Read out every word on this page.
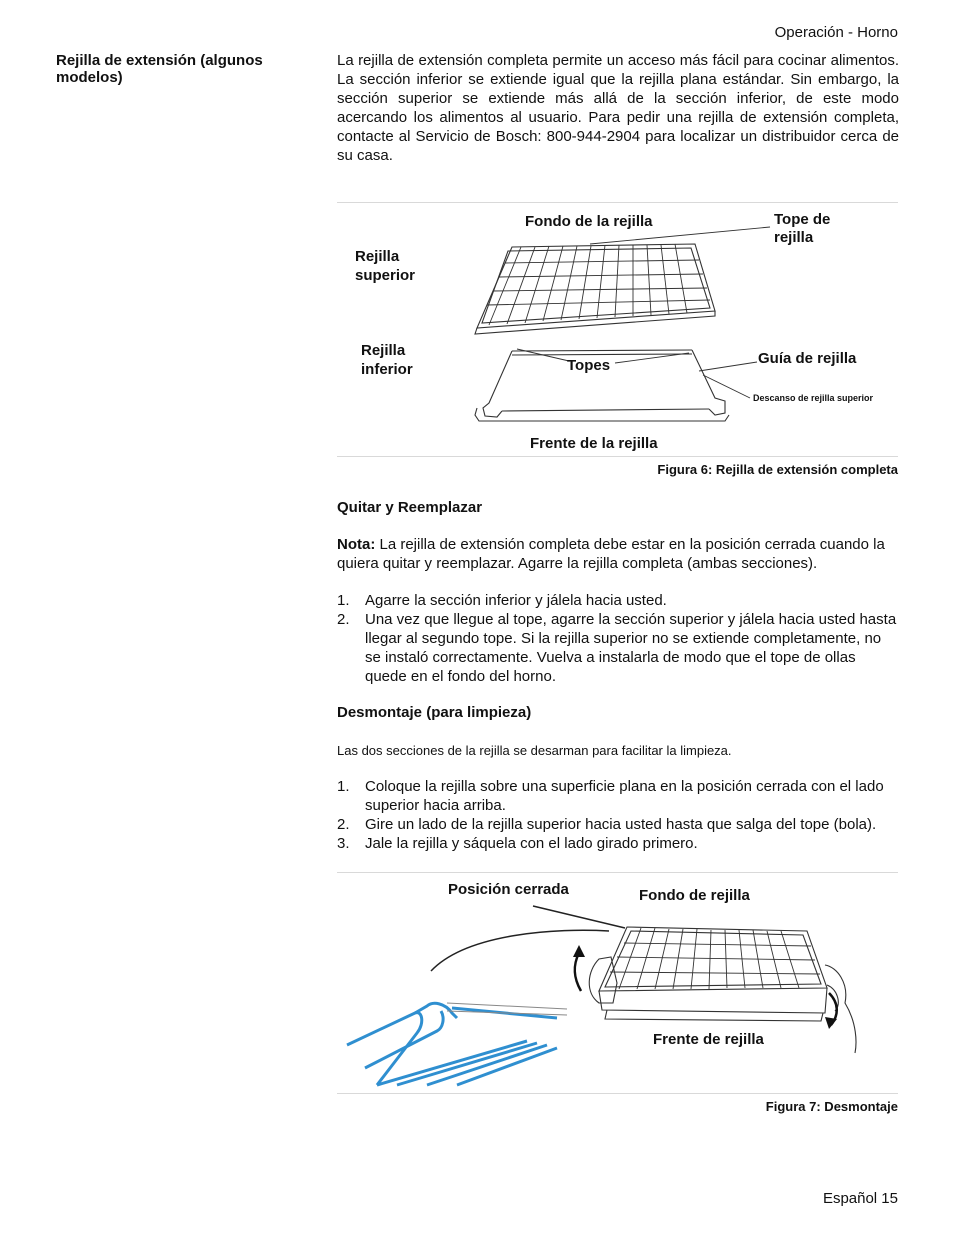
Operación - Horno
Rejilla de extensión (algunos modelos)
La rejilla de extensión completa permite un acceso más fácil para cocinar alimentos. La sección inferior se extiende igual que la rejilla plana estándar. Sin embargo, la sección superior se extiende más allá de la sección inferior, de este modo acercando los alimentos al usuario. Para pedir una rejilla de extensión completa, contacte al Servicio de Bosch: 800-944-2904 para localizar un distribuidor cerca de su casa.
Fondo de la rejilla	Tope de
rejilla
Rejilla
superior
Rejilla
inferior	Topes	Guía de rejilla
Descanso de rejilla superior
Frente de la rejilla
Figura 6: Rejilla de extensión completa
Quitar y Reemplazar
Nota: La rejilla de extensión completa debe estar en la posición cerrada cuando la quiera quitar y reemplazar. Agarre la rejilla completa (ambas secciones).
1. Agarre la sección inferior y jálela hacia usted.
2. Una vez que llegue al tope, agarre la sección superior y jálela hacia usted hasta llegar al segundo tope. Si la rejilla superior no se extiende completamente, no se instaló correctamente. Vuelva a instalarla de modo que el tope de ollas quede en el fondo del horno.
Desmontaje (para limpieza)
Las dos secciones de la rejilla se desarman para facilitar la limpieza.
1. Coloque la rejilla sobre una superficie plana en la posición cerrada con el lado superior hacia arriba.
2. Gire un lado de la rejilla superior hacia usted hasta que salga del tope (bola).
3. Jale la rejilla y sáquela con el lado girado primero.
Posición cerrada	Fondo de rejilla
Frente de rejilla
Figura 7: Desmontaje
Español 15
